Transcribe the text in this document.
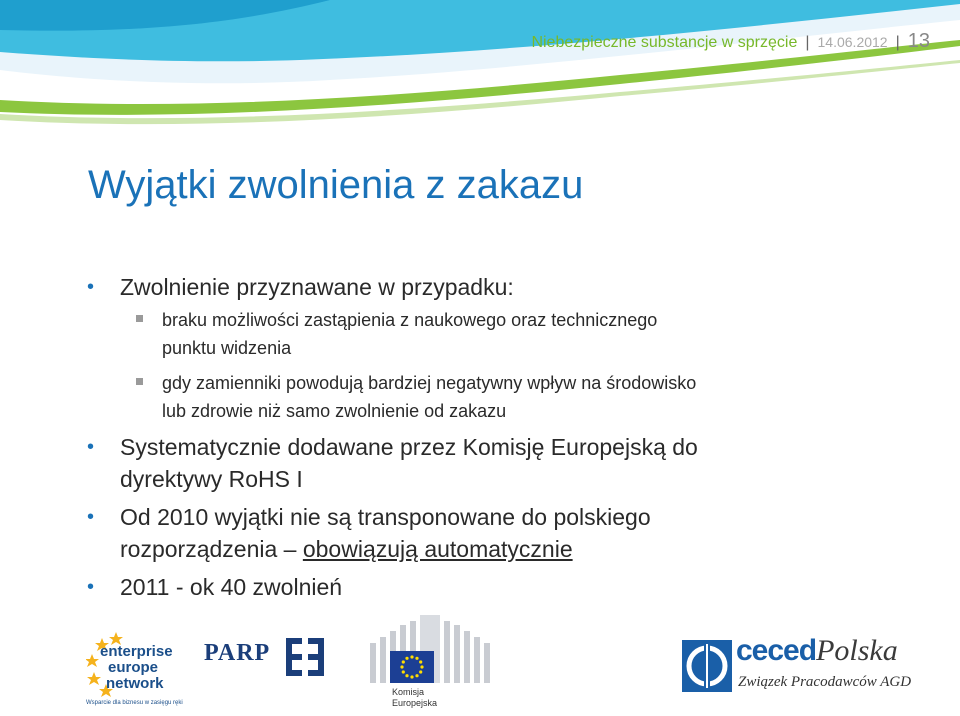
Niebezpieczne substancje w sprzęcie | 14.06.2012 | 13
Wyjątki zwolnienia z zakazu
• Zwolnienie przyznawane w przypadku:
braku możliwości zastąpienia z naukowego oraz technicznego
punktu widzenia
gdy zamienniki powodują bardziej negatywny wpływ na środowisko
lub zdrowie niż samo zwolnienie od zakazu
• Systematycznie dodawane przez Komisję Europejską do
dyrektywy RoHS I
• Od 2010 wyjątki nie są transponowane do polskiego
rozporządzenia – obowiązują automatycznie
• 2011 - ok 40 zwolnień
enterprise
europe
network
Wsparcie dla biznesu w zasięgu ręki
PARP
Komisja
Europejska
cecedPolska
Związek Pracodawców AGD
